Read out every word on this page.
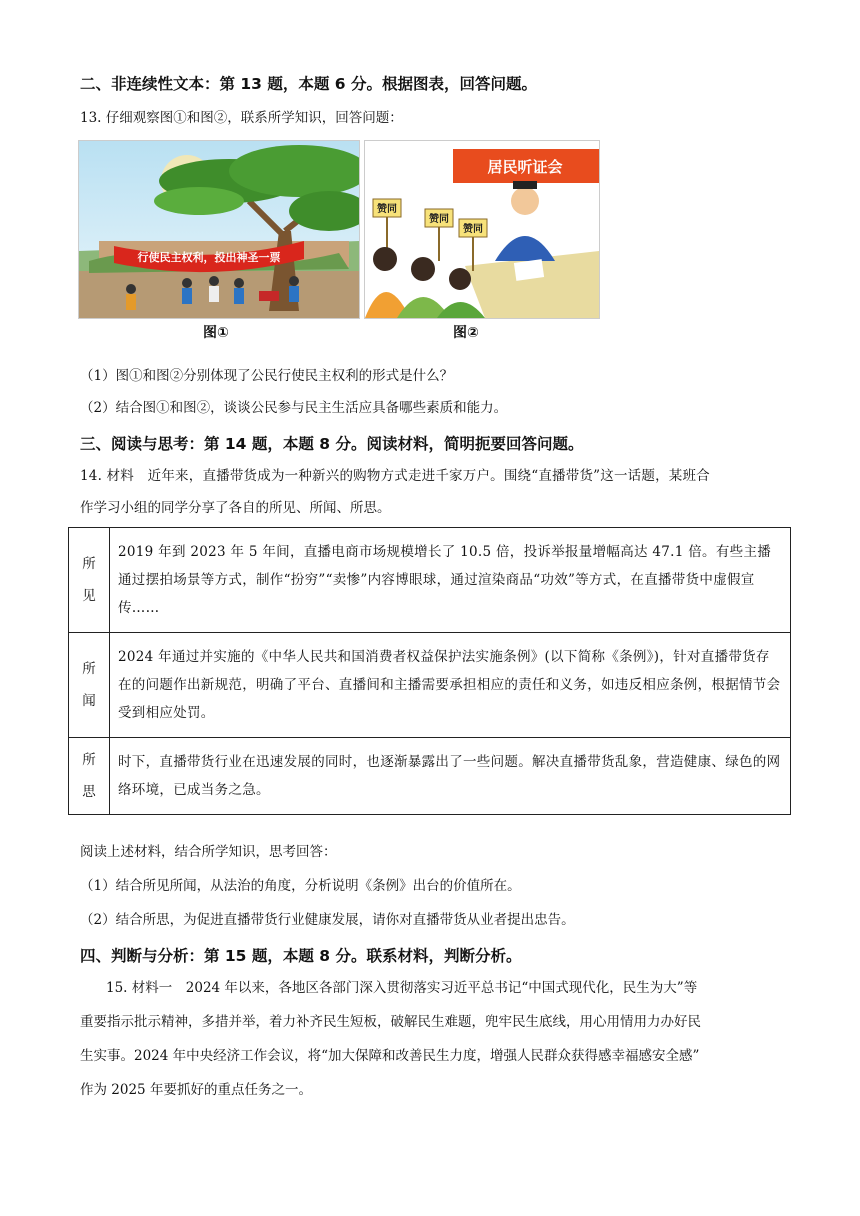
二、非连续性文本：第 13 题，本题 6 分。根据图表，回答问题。
13. 仔细观察图①和图②，联系所学知识，回答问题：
行使民主权利，投出神圣一票
图①
居民听证会
赞同
赞同
赞同
图②
（1）图①和图②分别体现了公民行使民主权利的形式是什么？
（2）结合图①和图②，谈谈公民参与民主生活应具备哪些素质和能力。
三、阅读与思考：第 14 题，本题 8 分。阅读材料，简明扼要回答问题。
14. 材料　近年来，直播带货成为一种新兴的购物方式走进千家万户。围绕“直播带货”这一话题，某班合
作学习小组的同学分享了各自的所见、所闻、所思。
所
见	2019 年到 2023 年 5 年间，直播电商市场规模增长了 10.5 倍，投诉举报量增幅高达 47.1 倍。有些主播通过摆拍场景等方式，制作“扮穷”“卖惨”内容博眼球，通过渲染商品“功效”等方式，在直播带货中虚假宣传……

所
闻	2024 年通过并实施的《中华人民共和国消费者权益保护法实施条例》(以下简称《条例》)，针对直播带货存在的问题作出新规范，明确了平台、直播间和主播需要承担相应的责任和义务，如违反相应条例，根据情节会受到相应处罚。

所
思	时下，直播带货行业在迅速发展的同时，也逐渐暴露出了一些问题。解决直播带货乱象，营造健康、绿色的网络环境，已成当务之急。
阅读上述材料，结合所学知识，思考回答：
（1）结合所见所闻，从法治的角度，分析说明《条例》出台的价值所在。
（2）结合所思，为促进直播带货行业健康发展，请你对直播带货从业者提出忠告。
四、判断与分析：第 15 题，本题 8 分。联系材料，判断分析。
15. 材料一　2024 年以来，各地区各部门深入贯彻落实习近平总书记“中国式现代化，民生为大”等
重要指示批示精神，多措并举，着力补齐民生短板，破解民生难题，兜牢民生底线，用心用情用力办好民
生实事。2024 年中央经济工作会议，将“加大保障和改善民生力度，增强人民群众获得感幸福感安全感”
作为 2025 年要抓好的重点任务之一。
